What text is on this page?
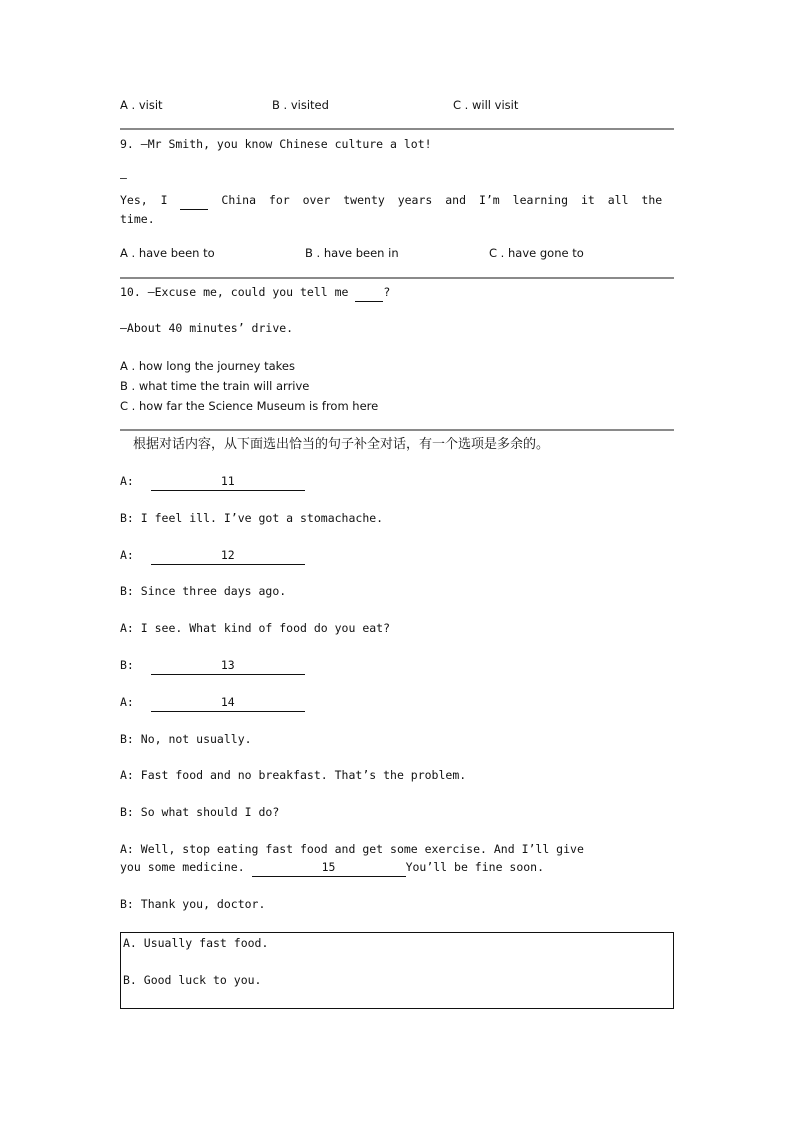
A . visit	B . visited	C . will visit
9. —Mr Smith, you know Chinese culture a lot!
—
Yes, I   China for over twenty years and I’m learning it all the time.
A . have been to	B . have been in	C . have gone to
10. —Excuse me, could you tell me  ?
—About 40 minutes’ drive.
A . how long the journey takes
B . what time the train will arrive
C . how far the Science Museum is from here
根据对话内容，从下面选出恰当的句子补全对话，有一个选项是多余的。
A:	11
B: I feel ill. I’ve got a stomachache.
A:	12
B: Since three days ago.
A: I see. What kind of food do you eat?
B:	13
A:	14
B: No, not usually.
A: Fast food and no breakfast. That’s the problem.
B: So what should I do?
A: Well, stop eating fast food and get some exercise. And I’ll give
you some medicine.	15	You’ll be fine soon.
B: Thank you, doctor.
A. Usually fast food.
B. Good luck to you.
